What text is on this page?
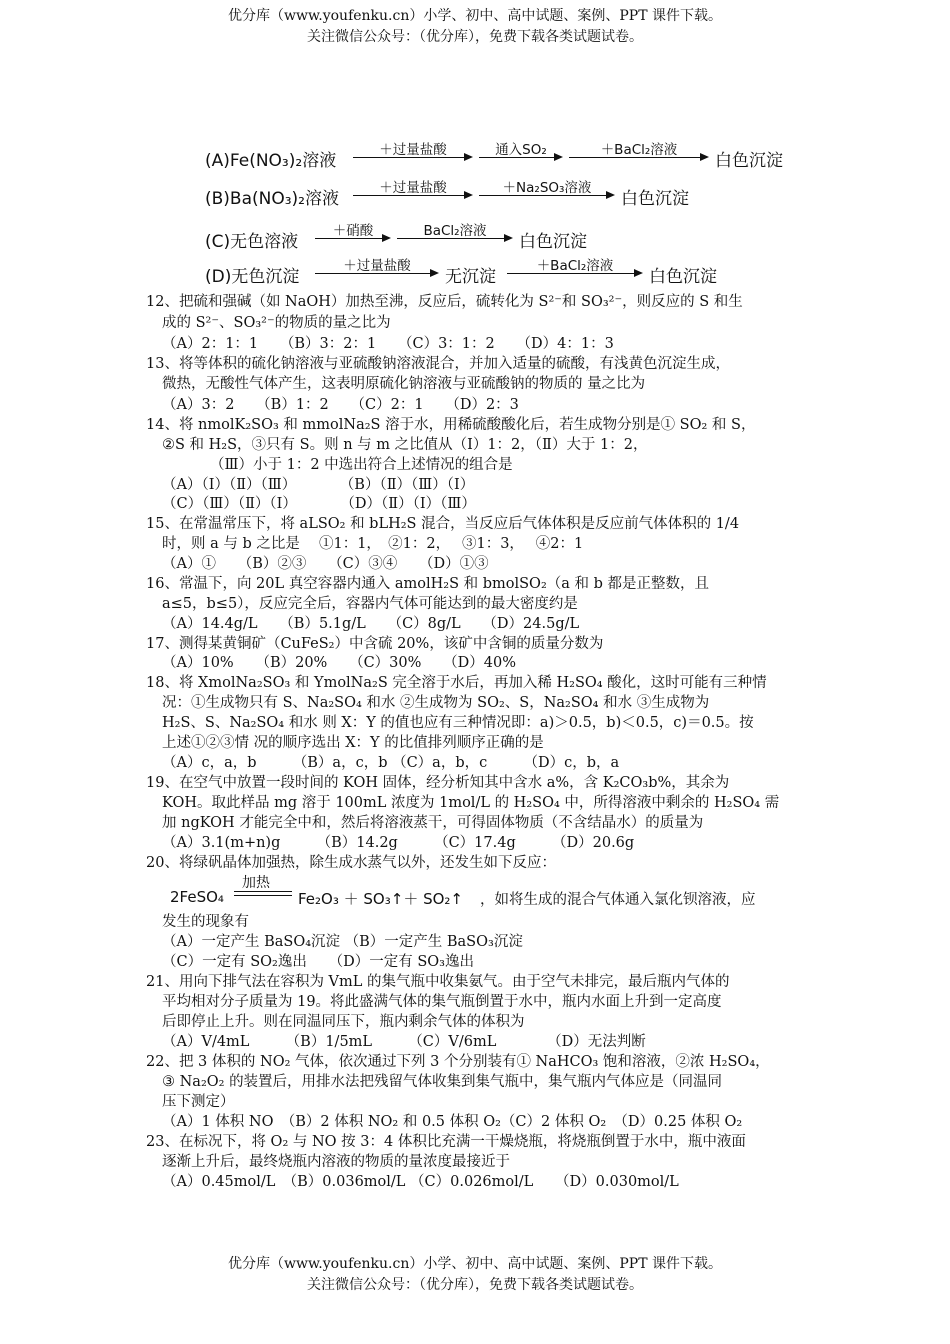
优分库（www.youfenku.cn）小学、初中、高中试题、案例、PPT 课件下载。
关注微信公众号：（优分库），免费下载各类试题试卷。
(A)Fe(NO₃)₂溶液
＋过量盐酸	通入SO₂	＋BaCl₂溶液
白色沉淀
(B)Ba(NO₃)₂溶液
＋过量盐酸	＋Na₂SO₃溶液
白色沉淀
(C)无色溶液
＋硝酸	BaCl₂溶液
白色沉淀
(D)无色沉淀
＋过量盐酸
无沉淀
＋BaCl₂溶液
白色沉淀
12、把硫和强碱（如 NaOH）加热至沸，反应后，硫转化为 S²⁻和 SO₃²⁻，则反应的 S 和生
成的 S²⁻、SO₃²⁻的物质的量之比为
（A）2：1：1　　（B）3：2：1　　（C）3：1：2　　（D）4：1：3
13、将等体积的硫化钠溶液与亚硫酸钠溶液混合，并加入适量的硫酸，有浅黄色沉淀生成，
微热，无酸性气体产生，这表明原硫化钠溶液与亚硫酸钠的物质的 量之比为
（A）3：2　　（B）1：2　　（C）2：1　　（D）2：3
14、将 nmolK₂SO₃ 和 mmolNa₂S 溶于水，用稀硫酸酸化后，若生成物分别是① SO₂ 和 S，
②S 和 H₂S，③只有 S。则 n 与 m 之比值从（Ⅰ）1：2，（Ⅱ）大于 1：2，
（Ⅲ）小于 1：2 中选出符合上述情况的组合是
（A）（Ⅰ）（Ⅱ）（Ⅲ）　　　　（B）（Ⅱ）（Ⅲ）（Ⅰ）
（C）（Ⅲ）（Ⅱ）（Ⅰ）　　　　（D）（Ⅱ）（Ⅰ）（Ⅲ）
15、在常温常压下，将 aLSO₂ 和 bLH₂S 混合，当反应后气体体积是反应前气体体积的 1/4
时，则 a 与 b 之比是　 ①1：1，　②1：2，　 ③1：3，　 ④2：1
（A）①　　（B）②③　　（C）③④　　（D）①③
16、常温下，向 20L 真空容器内通入 amolH₂S 和 bmolSO₂（a 和 b 都是正整数，且
a≤5，b≤5），反应完全后，容器内气体可能达到的最大密度约是
（A）14.4g/L　　（B）5.1g/L　　（C）8g/L　　（D）24.5g/L
17、测得某黄铜矿（CuFeS₂）中含硫 20%，该矿中含铜的质量分数为
（A）10%　　（B）20%　　（C）30%　　（D）40%
18、将 XmolNa₂SO₃ 和 YmolNa₂S 完全溶于水后，再加入稀 H₂SO₄ 酸化，这时可能有三种情
况：①生成物只有 S、Na₂SO₄ 和水 ②生成物为 SO₂、S，Na₂SO₄ 和水 ③生成物为
H₂S、S、Na₂SO₄ 和水 则 X：Y 的值也应有三种情况即：a)＞0.5，b)＜0.5，c)＝0.5。按
上述①②③情 况的顺序选出 X：Y 的比值排列顺序正确的是
（A）c，a，b　　　（B）a，c，b （C）a，b，c　　　（D）c，b，a
19、在空气中放置一段时间的 KOH 固体，经分析知其中含水 a%，含 K₂CO₃b%，其余为
KOH。取此样品 mg 溶于 100mL 浓度为 1mol/L 的 H₂SO₄ 中，所得溶液中剩余的 H₂SO₄ 需
加 ngKOH 才能完全中和，然后将溶液蒸干，可得固体物质（不含结晶水）的质量为
（A）3.1(m+n)g　　　（B）14.2g　　　（C）17.4g　　　（D）20.6g
20、将绿矾晶体加强热，除生成水蒸气以外，还发生如下反应：
2FeSO₄
加热
Fe₂O₃ ＋ SO₃↑＋ SO₂↑ ，如将生成的混合气体通入氯化钡溶液，应
发生的现象有
（A）一定产生 BaSO₄沉淀 （B）一定产生 BaSO₃沉淀
（C）一定有 SO₂逸出　　（D）一定有 SO₃逸出
21、用向下排气法在容积为 VmL 的集气瓶中收集氨气。由于空气未排完，最后瓶内气体的
平均相对分子质量为 19。将此盛满气体的集气瓶倒置于水中，瓶内水面上升到一定高度
后即停止上升。则在同温同压下，瓶内剩余气体的体积为
（A）V/4mL　　　（B）1/5mL　　　（C）V/6mL　　　　（D）无法判断
22、把 3 体积的 NO₂ 气体，依次通过下列 3 个分别装有① NaHCO₃ 饱和溶液，②浓 H₂SO₄，
③ Na₂O₂ 的装置后，用排水法把残留气体收集到集气瓶中，集气瓶内气体应是（同温同
压下测定）
（A）1 体积 NO　（B）2 体积 NO₂ 和 0.5 体积 O₂（C）2 体积 O₂　（D）0.25 体积 O₂
23、在标况下，将 O₂ 与 NO 按 3：4 体积比充满一干燥烧瓶，将烧瓶倒置于水中，瓶中液面
逐渐上升后，最终烧瓶内溶液的物质的量浓度最接近于
（A）0.45mol/L　（B）0.036mol/L （C）0.026mol/L　　（D）0.030mol/L
优分库（www.youfenku.cn）小学、初中、高中试题、案例、PPT 课件下载。
关注微信公众号：（优分库），免费下载各类试题试卷。
